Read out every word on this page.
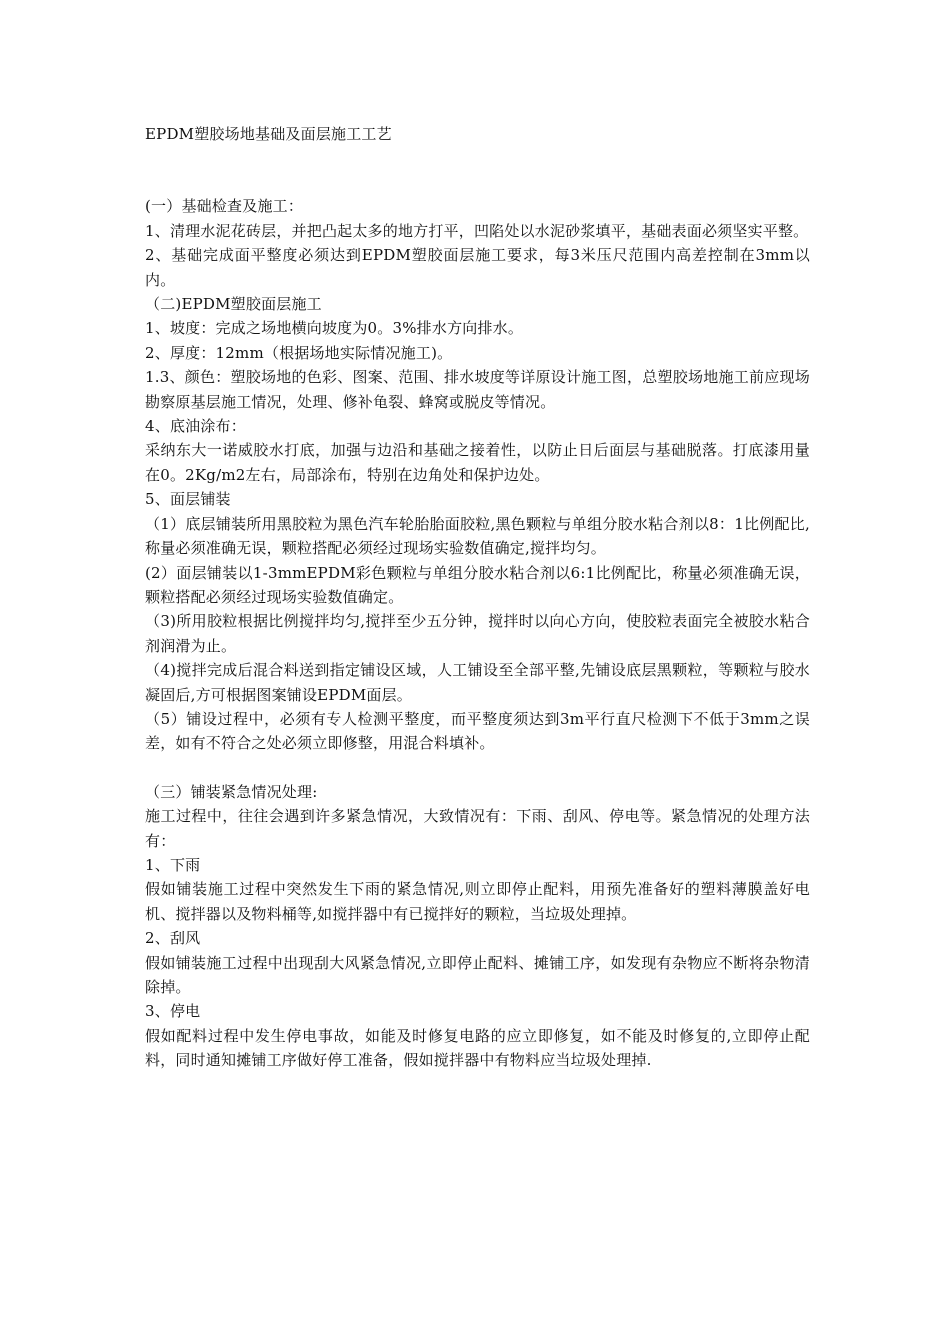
EPDM塑胶场地基础及面层施工工艺

(一）基础检查及施工：

1、清理水泥花砖层，并把凸起太多的地方打平，凹陷处以水泥砂浆填平，基础表面必须坚实平整。

2、基础完成面平整度必须达到EPDM塑胶面层施工要求，每3米压尺范围内高差控制在3mm以内。

（二)EPDM塑胶面层施工

1、坡度：完成之场地横向坡度为0。3%排水方向排水。

2、厚度：12mm（根据场地实际情况施工)。

1.3、颜色：塑胶场地的色彩、图案、范围、排水坡度等详原设计施工图，总塑胶场地施工前应现场勘察原基层施工情况，处理、修补龟裂、蜂窝或脱皮等情况。

4、底油涂布：

采纳东大一诺威胶水打底，加强与边沿和基础之接着性，以防止日后面层与基础脱落。打底漆用量在0。2Kg/m2左右，局部涂布，特别在边角处和保护边处。

5、面层铺装

（1）底层铺装所用黑胶粒为黑色汽车轮胎胎面胶粒,黑色颗粒与单组分胶水粘合剂以8：1比例配比,称量必须准确无误，颗粒搭配必须经过现场实验数值确定,搅拌均匀。

(2）面层铺装以1-3mmEPDM彩色颗粒与单组分胶水粘合剂以6:1比例配比，称量必须准确无误，颗粒搭配必须经过现场实验数值确定。

（3)所用胶粒根据比例搅拌均匀,搅拌至少五分钟，搅拌时以向心方向，使胶粒表面完全被胶水粘合剂润滑为止。

（4)搅拌完成后混合料送到指定铺设区域，人工铺设至全部平整,先铺设底层黑颗粒，等颗粒与胶水凝固后,方可根据图案铺设EPDM面层。

（5）铺设过程中，必须有专人检测平整度，而平整度须达到3m平行直尺检测下不低于3mm之误差，如有不符合之处必须立即修整，用混合料填补。

（三）铺装紧急情况处理:

施工过程中，往往会遇到许多紧急情况，大致情况有：下雨、刮风、停电等。紧急情况的处理方法有：

1、下雨

假如铺装施工过程中突然发生下雨的紧急情况,则立即停止配料，用预先准备好的塑料薄膜盖好电机、搅拌器以及物料桶等,如搅拌器中有已搅拌好的颗粒，当垃圾处理掉。

2、刮风

假如铺装施工过程中出现刮大风紧急情况,立即停止配料、摊铺工序，如发现有杂物应不断将杂物清除掉。

3、停电

假如配料过程中发生停电事故，如能及时修复电路的应立即修复，如不能及时修复的,立即停止配料，同时通知摊铺工序做好停工准备，假如搅拌器中有物料应当垃圾处理掉.
